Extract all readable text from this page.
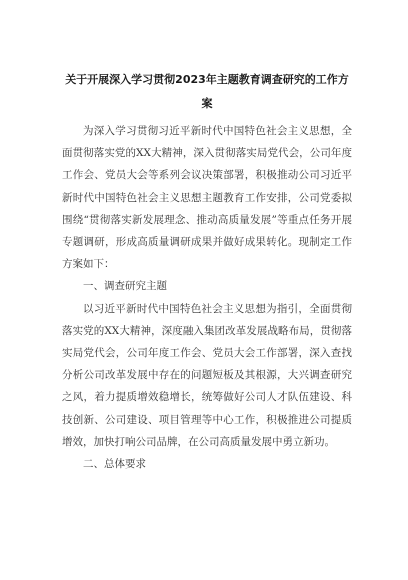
关于开展深入学习贯彻2023年主题教育调查研究的工作方案

为深入学习贯彻习近平新时代中国特色社会主义思想，全面贯彻落实党的XX大精神，深入贯彻落实局党代会，公司年度工作会、党员大会等系列会议决策部署，积极推动公司习近平新时代中国特色社会主义思想主题教育工作安排，公司党委拟围绕“贯彻落实新发展理念、推动高质量发展”等重点任务开展专题调研，形成高质量调研成果并做好成果转化。现制定工作方案如下：

一、调查研究主题

以习近平新时代中国特色社会主义思想为指引，全面贯彻落实党的XX大精神，深度融入集团改革发展战略布局，贯彻落实局党代会，公司年度工作会、党员大会工作部署，深入查找分析公司改革发展中存在的问题短板及其根源，大兴调查研究之风，着力提质增效稳增长，统筹做好公司人才队伍建设、科技创新、公司建设、项目管理等中心工作，积极推进公司提质增效，加快打响公司品牌，在公司高质量发展中勇立新功。

二、总体要求
